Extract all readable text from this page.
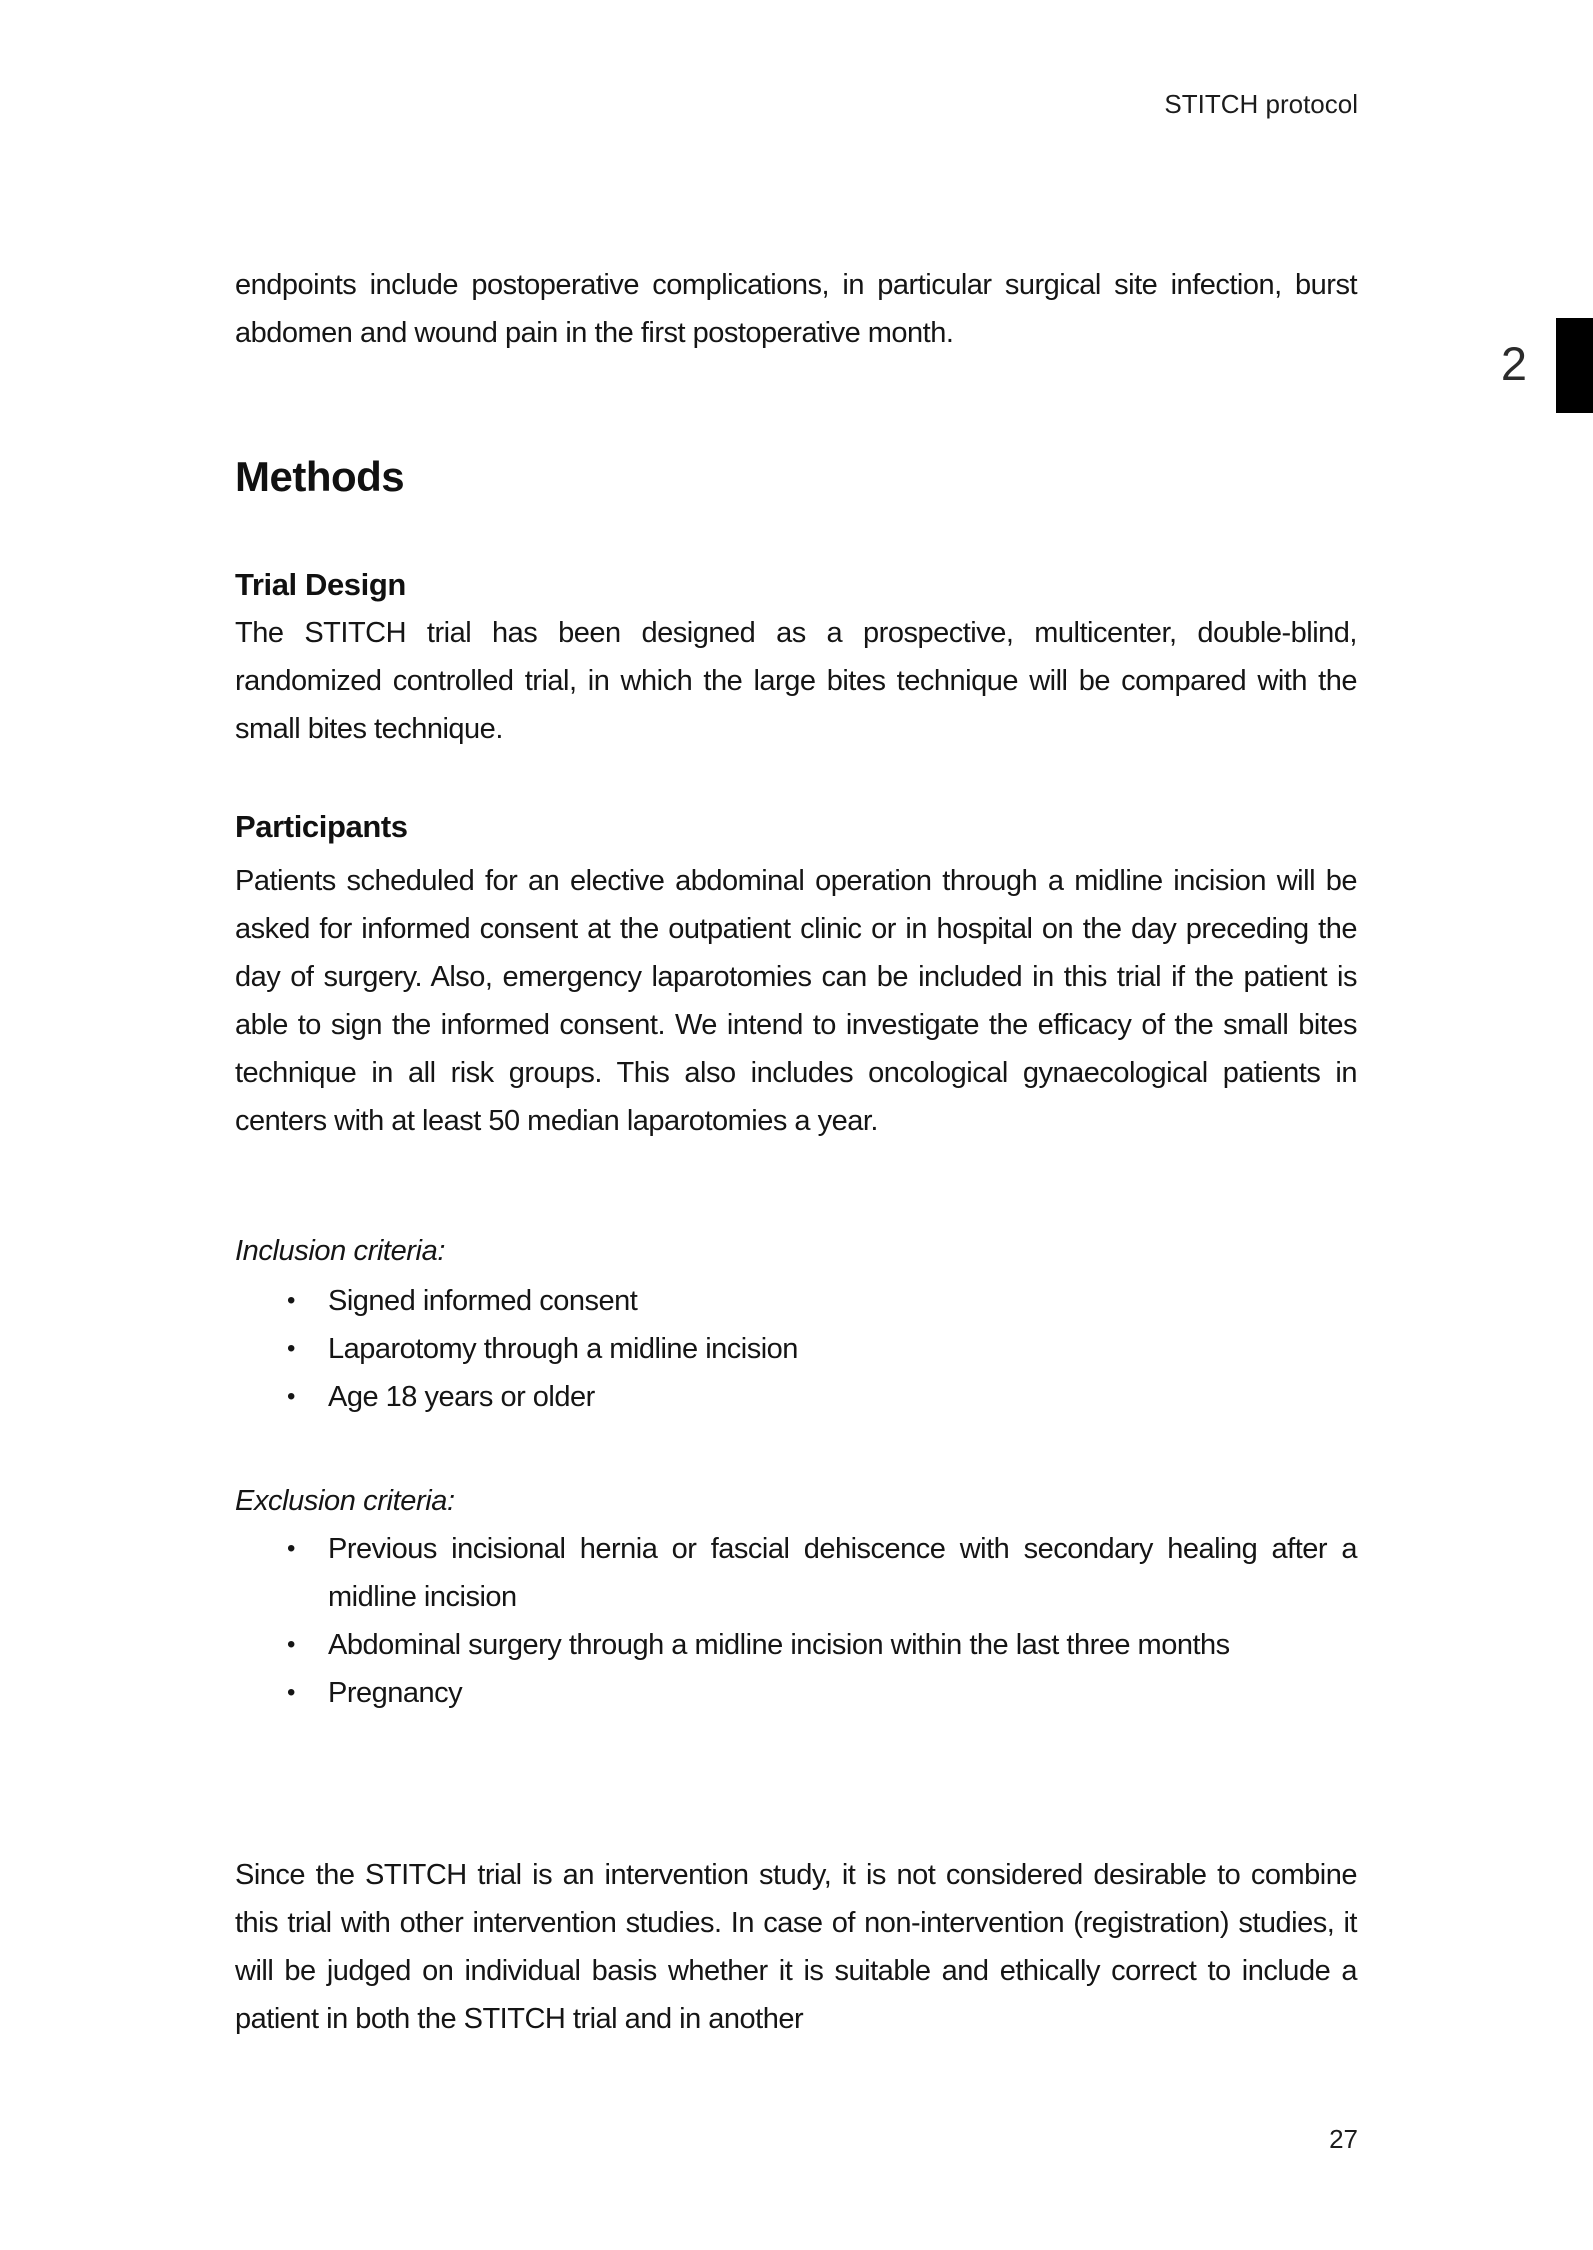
STITCH protocol
2

endpoints include postoperative complications, in particular surgical site infection, burst abdomen and wound pain in the first postoperative month.

Methods
Trial Design

The STITCH trial has been designed as a prospective, multicenter, double-blind, randomized controlled trial, in which the large bites technique will be compared with the small bites technique.

Participants

Patients scheduled for an elective abdominal operation through a midline incision will be asked for informed consent at the outpatient clinic or in hospital on the day preceding the day of surgery. Also, emergency laparotomies can be included in this trial if the patient is able to sign the informed consent. We intend to investigate the efficacy of the small bites technique in all risk groups. This also includes oncological gynaecological patients in centers with at least 50 median laparotomies a year.

Inclusion criteria:
• Signed informed consent
• Laparotomy through a midline incision
• Age 18 years or older
Exclusion criteria:
• Previous incisional hernia or fascial dehiscence with secondary healing after a midline incision
• Abdominal surgery through a midline incision within the last three months
• Pregnancy

Since the STITCH trial is an intervention study, it is not considered desirable to combine this trial with other intervention studies. In case of non-intervention (registration) studies, it will be judged on individual basis whether it is suitable and ethically correct to include a patient in both the STITCH trial and in another

27
